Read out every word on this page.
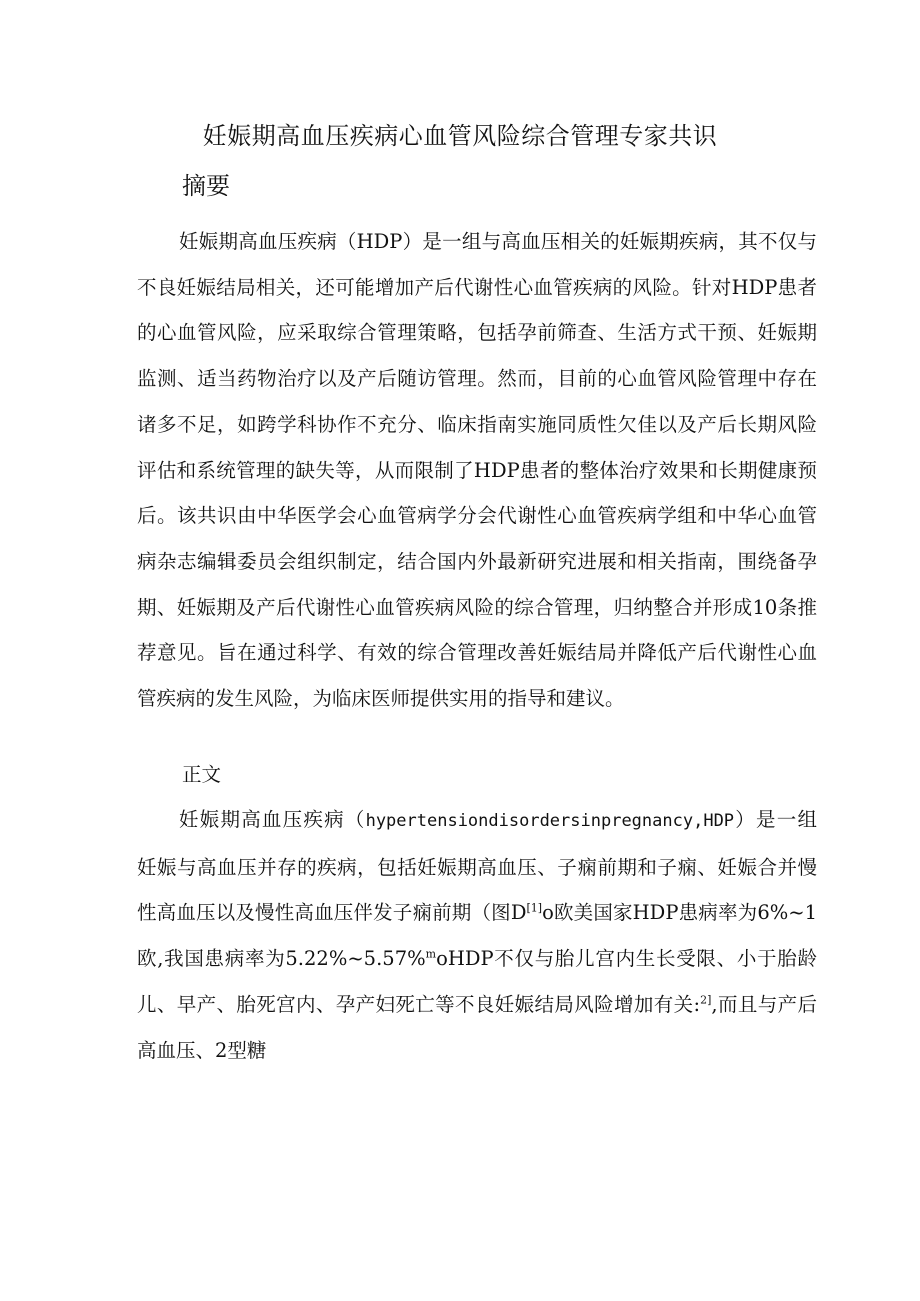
妊娠期高血压疾病心血管风险综合管理专家共识
摘要

妊娠期高血压疾病（HDP）是一组与高血压相关的妊娠期疾病，其不仅与不良妊娠结局相关，还可能增加产后代谢性心血管疾病的风险。针对HDP患者的心血管风险，应采取综合管理策略，包括孕前筛查、生活方式干预、妊娠期监测、适当药物治疗以及产后随访管理。然而，目前的心血管风险管理中存在诸多不足，如跨学科协作不充分、临床指南实施同质性欠佳以及产后长期风险评估和系统管理的缺失等，从而限制了HDP患者的整体治疗效果和长期健康预后。该共识由中华医学会心血管病学分会代谢性心血管疾病学组和中华心血管病杂志编辑委员会组织制定，结合国内外最新研究进展和相关指南，围绕备孕期、妊娠期及产后代谢性心血管疾病风险的综合管理，归纳整合并形成10条推荐意见。旨在通过科学、有效的综合管理改善妊娠结局并降低产后代谢性心血管疾病的发生风险，为临床医师提供实用的指导和建议。

正文

妊娠期高血压疾病（hypertensiondisordersinpregnancy,HDP）是一组妊娠与高血压并存的疾病，包括妊娠期高血压、子痫前期和子痫、妊娠合并慢性高血压以及慢性高血压伴发子痫前期（图D[1]o欧美国家HDP患病率为6%~1欧,我国患病率为5.22%~5.57%$^m$oHDP不仅与胎儿宫内生长受限、小于胎龄儿、早产、胎死宫内、孕产妇死亡等不良妊娠结局风险增加有关:$^{2]}$,而且与产后高血压、2型糖
